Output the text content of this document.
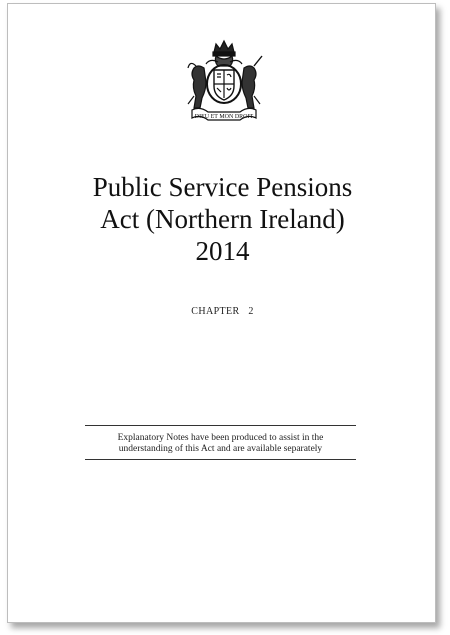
DIEU ET MON DROIT
Public Service Pensions
Act (Northern Ireland)
2014
CHAPTER   2
Explanatory Notes have been produced to assist in the
understanding of this Act and are available separately
